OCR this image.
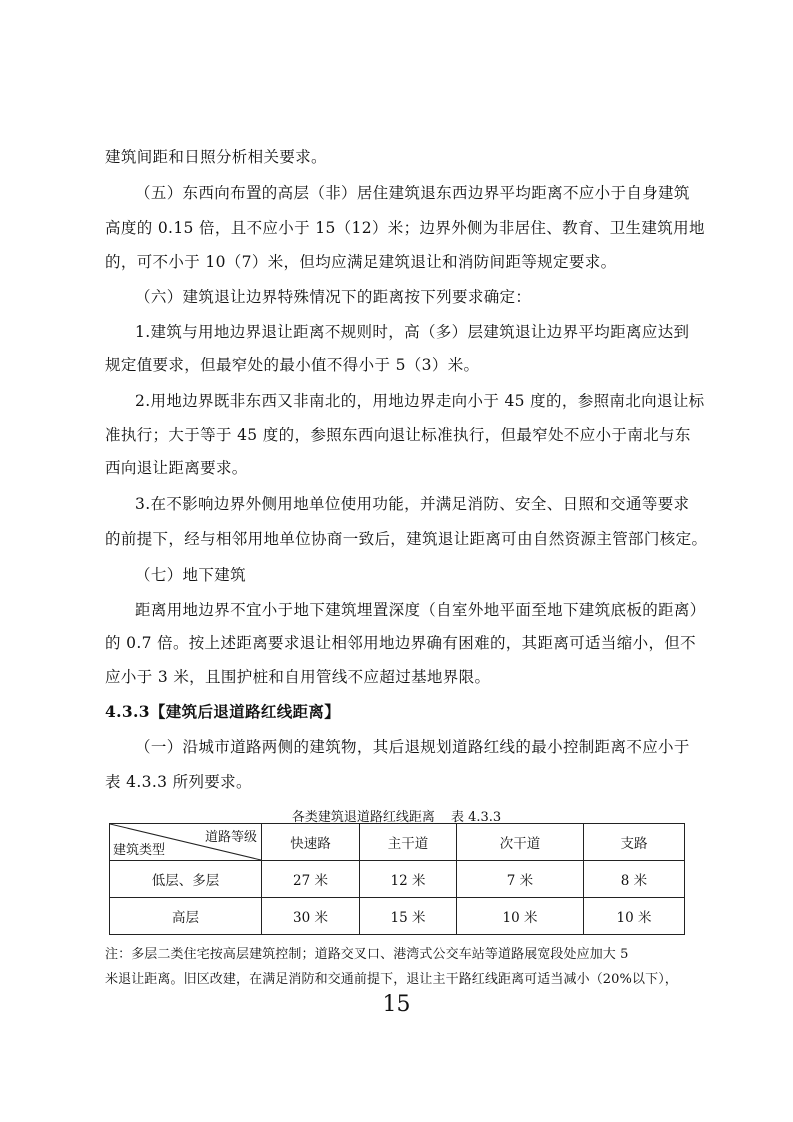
建筑间距和日照分析相关要求。
（五）东西向布置的高层（非）居住建筑退东西边界平均距离不应小于自身建筑
高度的 0.15 倍，且不应小于 15（12）米；边界外侧为非居住、教育、卫生建筑用地
的，可不小于 10（7）米，但均应满足建筑退让和消防间距等规定要求。
（六）建筑退让边界特殊情况下的距离按下列要求确定：
1.建筑与用地边界退让距离不规则时，高（多）层建筑退让边界平均距离应达到
规定值要求，但最窄处的最小值不得小于 5（3）米。
2.用地边界既非东西又非南北的，用地边界走向小于 45 度的，参照南北向退让标
准执行；大于等于 45 度的，参照东西向退让标准执行，但最窄处不应小于南北与东
西向退让距离要求。
3.在不影响边界外侧用地单位使用功能，并满足消防、安全、日照和交通等要求
的前提下，经与相邻用地单位协商一致后，建筑退让距离可由自然资源主管部门核定。
（七）地下建筑
距离用地边界不宜小于地下建筑埋置深度（自室外地平面至地下建筑底板的距离）
的 0.7 倍。按上述距离要求退让相邻用地边界确有困难的，其距离可适当缩小，但不
应小于 3 米，且围护桩和自用管线不应超过基地界限。
4.3.3【建筑后退道路红线距离】
（一）沿城市道路两侧的建筑物，其后退规划道路红线的最小控制距离不应小于
表 4.3.3 所列要求。
各类建筑退道路红线距离 表 4.3.3
道路等级
建筑类型	快速路	主干道	次干道	支路
低层、多层	27 米	12 米	7 米	8 米
高层	30 米	15 米	10 米	10 米
注：多层二类住宅按高层建筑控制；道路交叉口、港湾式公交车站等道路展宽段处应加大 5
米退让距离。旧区改建，在满足消防和交通前提下，退让主干路红线距离可适当减小（20%以下），
15
